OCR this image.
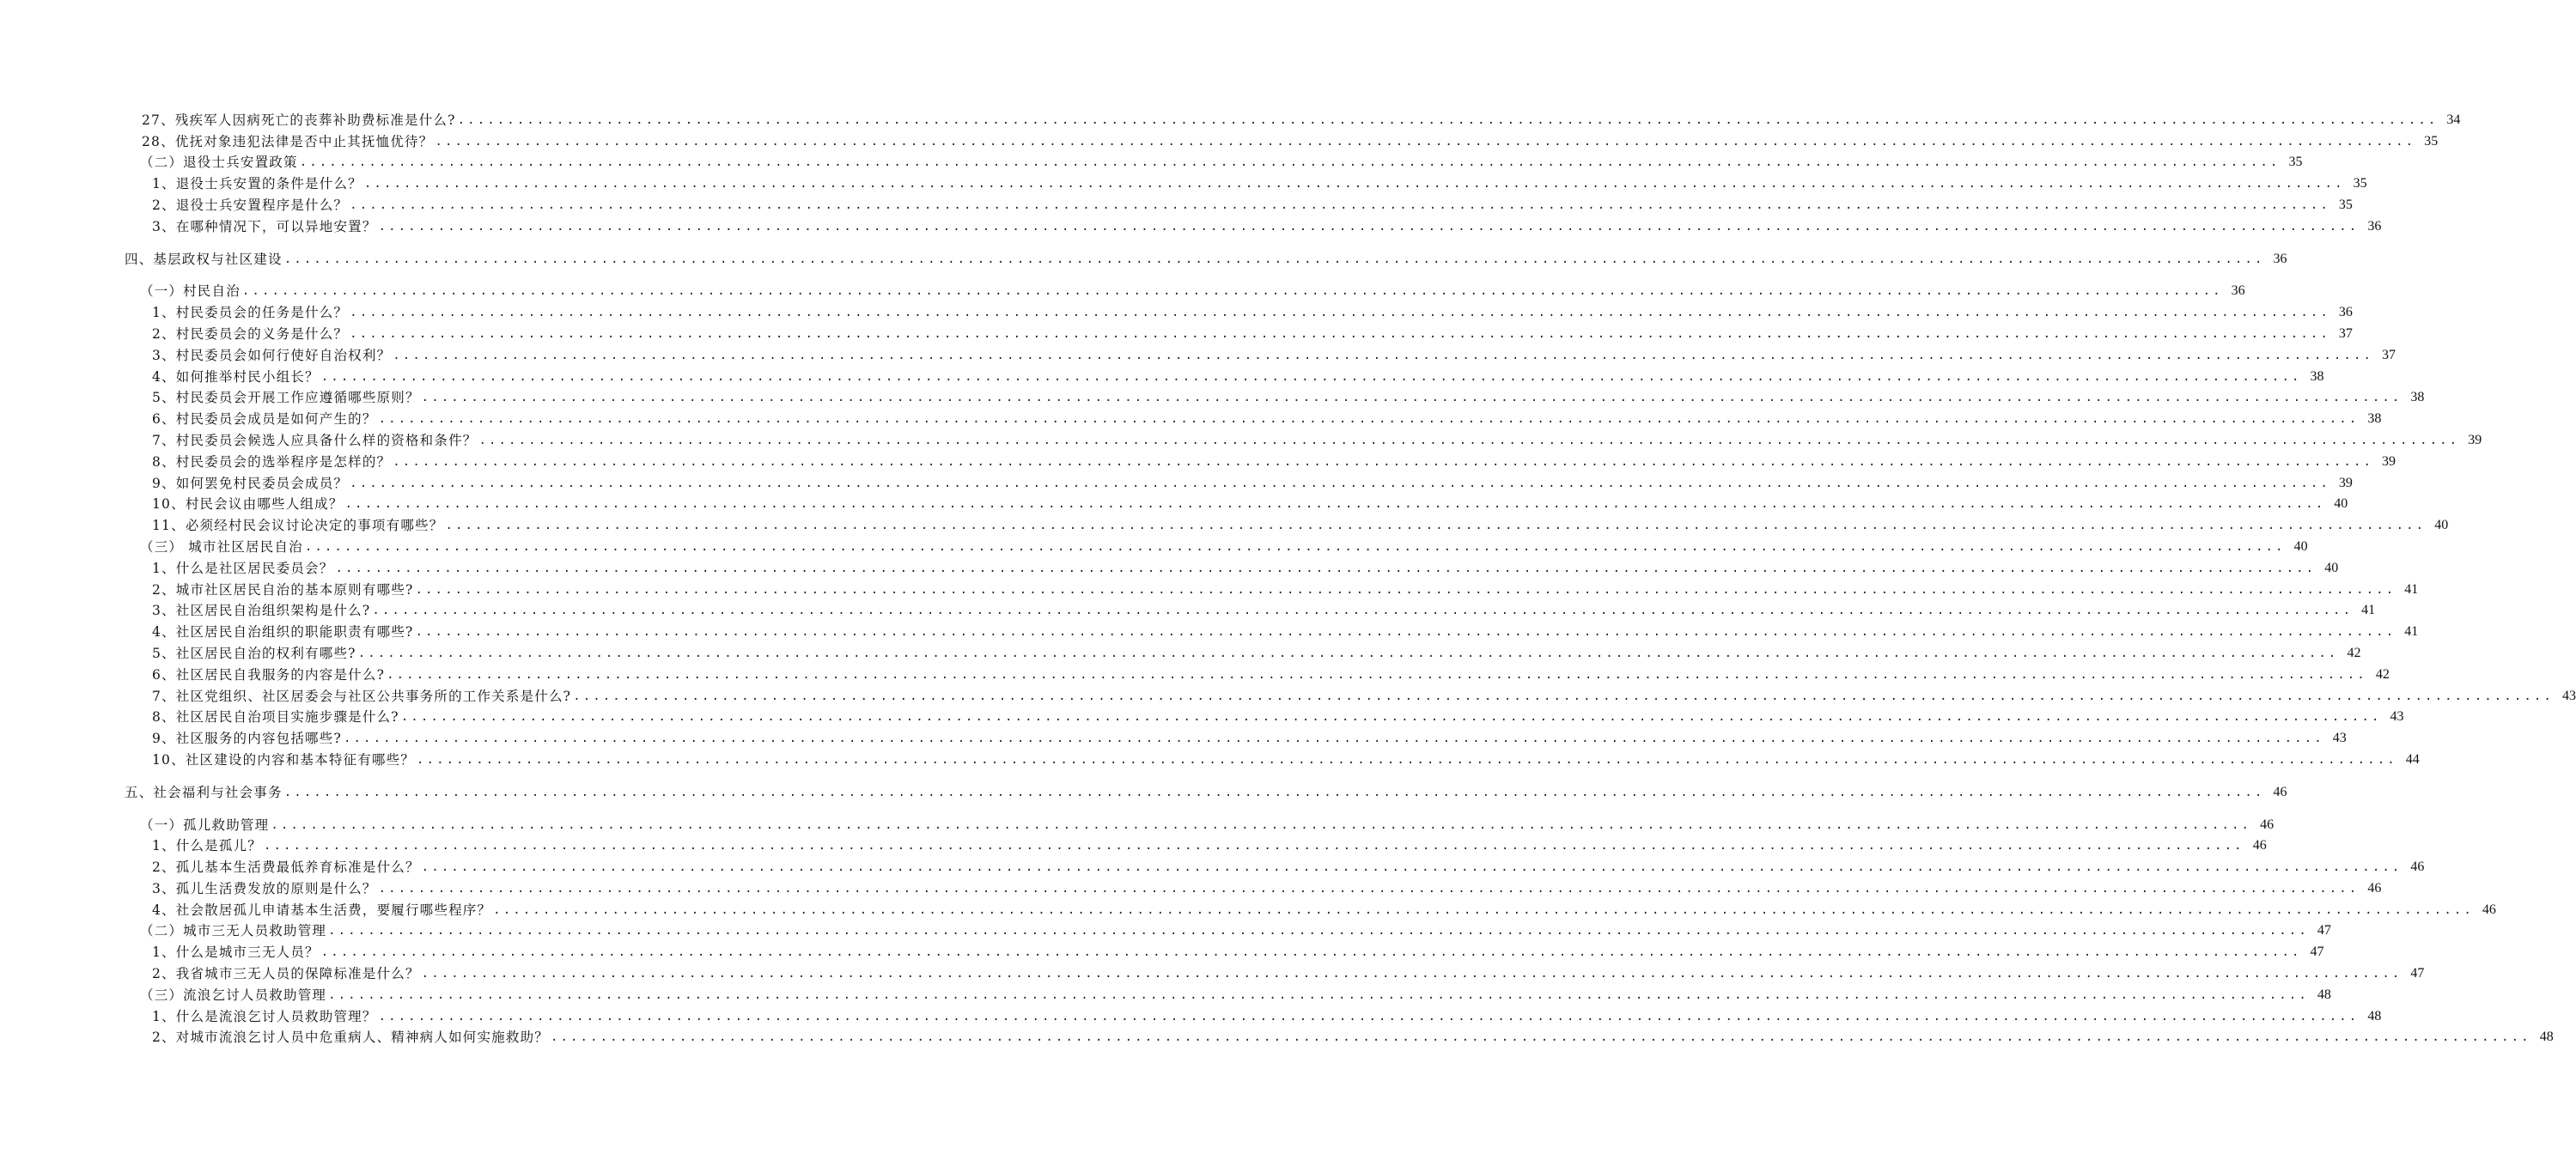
27、残疾军人因病死亡的丧葬补助费标准是什么? ........................................................................................................................................................................................................ 34
28、优抚对象违犯法律是否中止其抚恤优待？ ........................................................................................................................................................................................................ 35
（二）退役士兵安置政策 ........................................................................................................................................................................................................ 35
1、退役士兵安置的条件是什么？ ........................................................................................................................................................................................................ 35
2、退役士兵安置程序是什么？ ........................................................................................................................................................................................................ 35
3、在哪种情况下，可以异地安置？ ........................................................................................................................................................................................................ 36
四、基层政权与社区建设 ........................................................................................................................................................................................................ 36
（一）村民自治 ........................................................................................................................................................................................................ 36
1、村民委员会的任务是什么？ ........................................................................................................................................................................................................ 36
2、村民委员会的义务是什么？ ........................................................................................................................................................................................................ 37
3、村民委员会如何行使好自治权利？ ........................................................................................................................................................................................................ 37
4、如何推举村民小组长？ ........................................................................................................................................................................................................ 38
5、村民委员会开展工作应遵循哪些原则？ ........................................................................................................................................................................................................ 38
6、村民委员会成员是如何产生的？ ........................................................................................................................................................................................................ 38
7、村民委员会候选人应具备什么样的资格和条件？ ........................................................................................................................................................................................................ 39
8、村民委员会的选举程序是怎样的？ ........................................................................................................................................................................................................ 39
9、如何罢免村民委员会成员？ ........................................................................................................................................................................................................ 39
10、村民会议由哪些人组成？ ........................................................................................................................................................................................................ 40
11、必须经村民会议讨论决定的事项有哪些？ ........................................................................................................................................................................................................ 40
（三） 城市社区居民自治 ........................................................................................................................................................................................................ 40
1、什么是社区居民委员会？ ........................................................................................................................................................................................................ 40
2、城市社区居民自治的基本原则有哪些? ........................................................................................................................................................................................................ 41
3、社区居民自治组织架构是什么? ........................................................................................................................................................................................................ 41
4、社区居民自治组织的职能职责有哪些? ........................................................................................................................................................................................................ 41
5、社区居民自治的权利有哪些? ........................................................................................................................................................................................................ 42
6、社区居民自我服务的内容是什么? ........................................................................................................................................................................................................ 42
7、社区党组织、社区居委会与社区公共事务所的工作关系是什么? ........................................................................................................................................................................................................ 43
8、社区居民自治项目实施步骤是什么? ........................................................................................................................................................................................................ 43
9、社区服务的内容包括哪些? ........................................................................................................................................................................................................ 43
10、社区建设的内容和基本特征有哪些？ ........................................................................................................................................................................................................ 44
五、社会福利与社会事务 ........................................................................................................................................................................................................ 46
（一）孤儿救助管理 ........................................................................................................................................................................................................ 46
1、什么是孤儿？ ........................................................................................................................................................................................................ 46
2、孤儿基本生活费最低养育标准是什么？ ........................................................................................................................................................................................................ 46
3、孤儿生活费发放的原则是什么？ ........................................................................................................................................................................................................ 46
4、社会散居孤儿申请基本生活费，要履行哪些程序？ ........................................................................................................................................................................................................ 46
（二）城市三无人员救助管理 ........................................................................................................................................................................................................ 47
1、什么是城市三无人员？ ........................................................................................................................................................................................................ 47
2、我省城市三无人员的保障标准是什么？ ........................................................................................................................................................................................................ 47
（三）流浪乞讨人员救助管理 ........................................................................................................................................................................................................ 48
1、什么是流浪乞讨人员救助管理？ ........................................................................................................................................................................................................ 48
2、对城市流浪乞讨人员中危重病人、精神病人如何实施救助？ ........................................................................................................................................................................................................ 48
